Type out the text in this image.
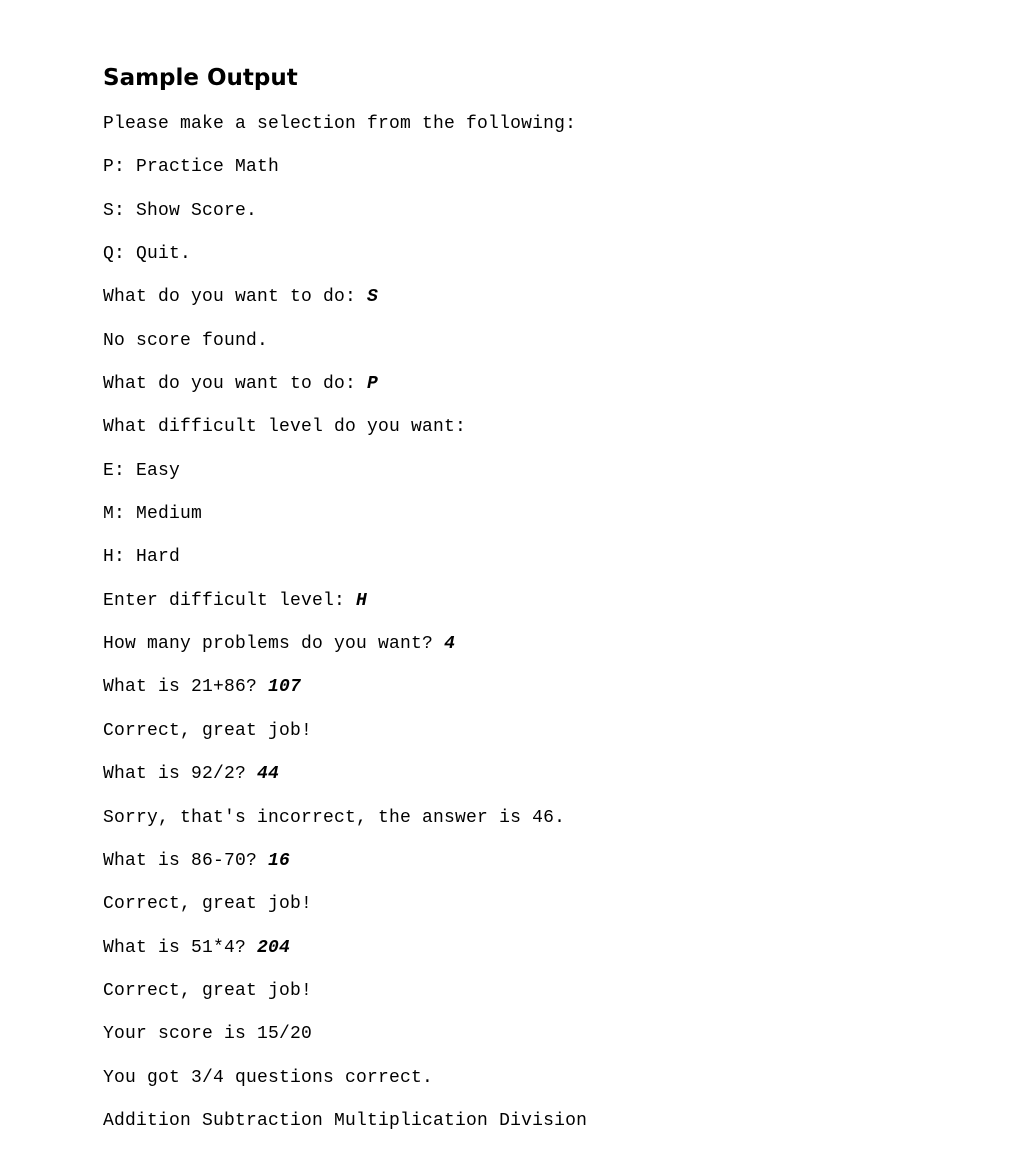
Sample Output
Please make a selection from the following:
P: Practice Math
S: Show Score.
Q: Quit.
What do you want to do: S
No score found.
What do you want to do: P
What difficult level do you want:
E: Easy
M: Medium
H: Hard
Enter difficult level: H
How many problems do you want? 4
What is 21+86? 107
Correct, great job!
What is 92/2? 44
Sorry, that's incorrect, the answer is 46.
What is 86-70? 16
Correct, great job!
What is 51*4? 204
Correct, great job!
Your score is 15/20
You got 3/4 questions correct.
Addition Subtraction Multiplication Division
